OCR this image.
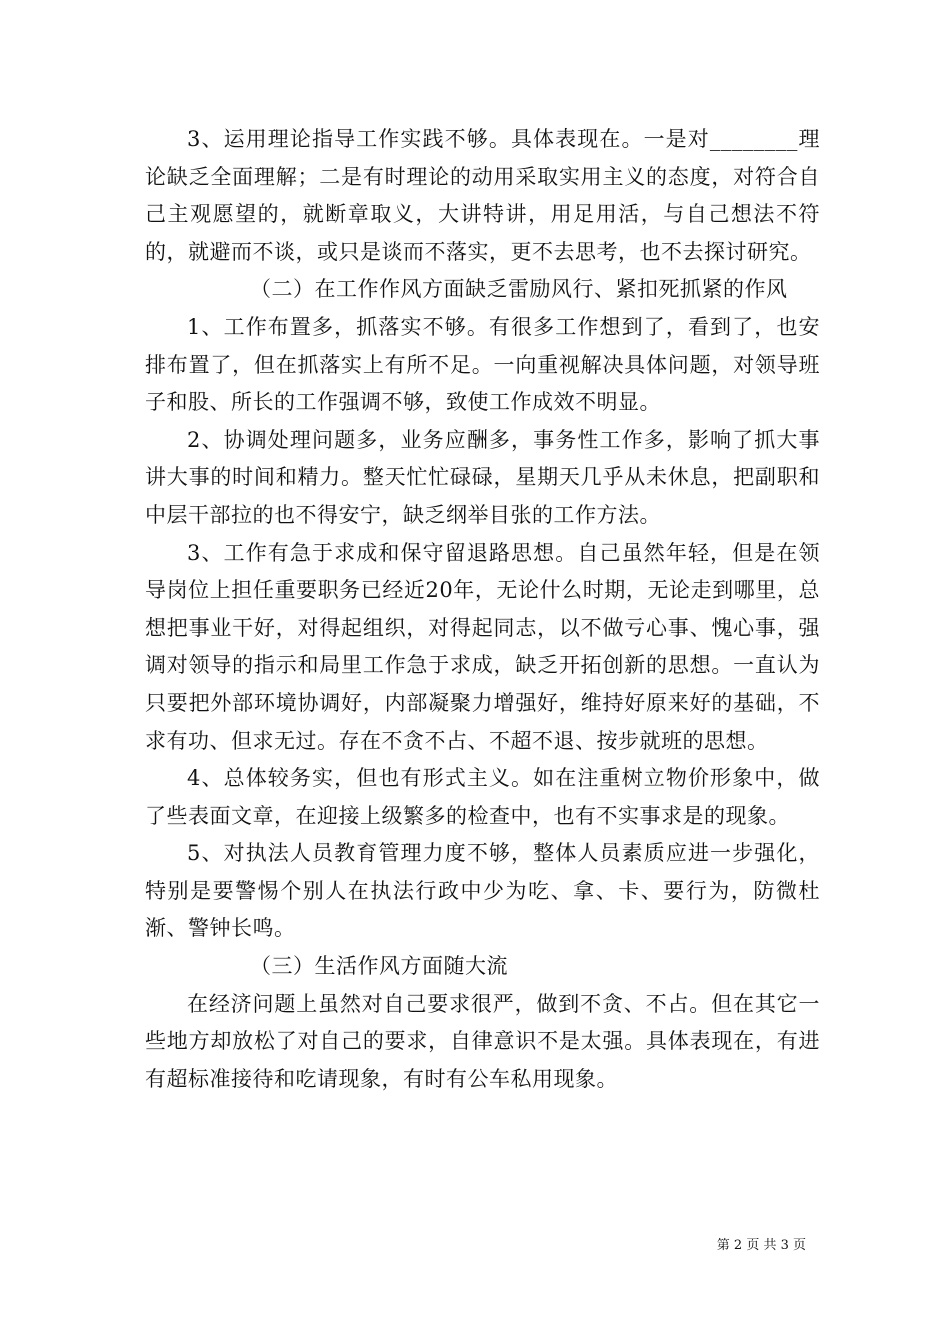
3、运用理论指导工作实践不够。具体表现在。一是对________理论缺乏全面理解；二是有时理论的动用采取实用主义的态度，对符合自己主观愿望的，就断章取义，大讲特讲，用足用活，与自己想法不符的，就避而不谈，或只是谈而不落实，更不去思考，也不去探讨研究。

（二）在工作作风方面缺乏雷励风行、紧扣死抓紧的作风

1、工作布置多，抓落实不够。有很多工作想到了，看到了，也安排布置了，但在抓落实上有所不足。一向重视解决具体问题，对领导班子和股、所长的工作强调不够，致使工作成效不明显。

2、协调处理问题多，业务应酬多，事务性工作多，影响了抓大事讲大事的时间和精力。整天忙忙碌碌，星期天几乎从未休息，把副职和中层干部拉的也不得安宁，缺乏纲举目张的工作方法。

3、工作有急于求成和保守留退路思想。自己虽然年轻，但是在领导岗位上担任重要职务已经近20年，无论什么时期，无论走到哪里，总想把事业干好，对得起组织，对得起同志，以不做亏心事、愧心事，强调对领导的指示和局里工作急于求成，缺乏开拓创新的思想。一直认为只要把外部环境协调好，内部凝聚力增强好，维持好原来好的基础，不求有功、但求无过。存在不贪不占、不超不退、按步就班的思想。

4、总体较务实，但也有形式主义。如在注重树立物价形象中，做了些表面文章，在迎接上级繁多的检查中，也有不实事求是的现象。

5、对执法人员教育管理力度不够，整体人员素质应进一步强化，特别是要警惕个别人在执法行政中少为吃、拿、卡、要行为，防微杜渐、警钟长鸣。

（三）生活作风方面随大流

在经济问题上虽然对自己要求很严，做到不贪、不占。但在其它一些地方却放松了对自己的要求，自律意识不是太强。具体表现在，有进有超标准接待和吃请现象，有时有公车私用现象。

第 2 页 共 3 页
